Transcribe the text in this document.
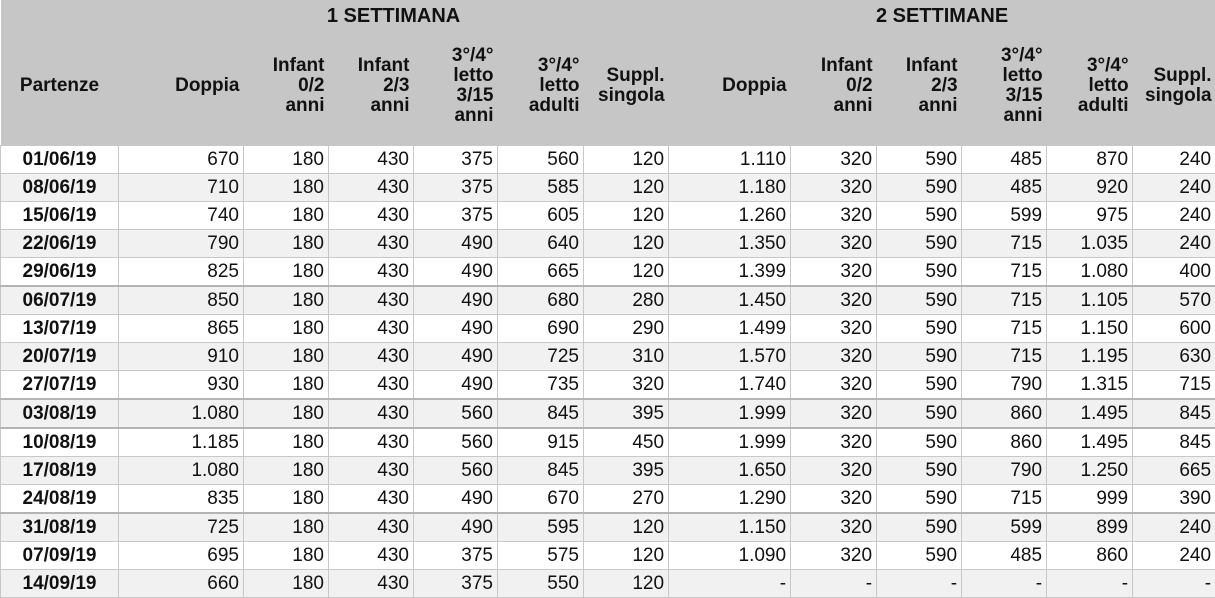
	1 SETTIMANA						2 SETTIMANE					
Partenze	Doppia	Infant
0/2
anni	Infant
2/3
anni	3°/4°
letto
3/15
anni	3°/4°
letto
adulti	Suppl.
singola	Doppia	Infant
0/2
anni	Infant
2/3
anni	3°/4°
letto
3/15
anni	3°/4°
letto
adulti	Suppl.
singola
01/06/19	670	180	430	375	560	120	1.110	320	590	485	870	240
08/06/19	710	180	430	375	585	120	1.180	320	590	485	920	240
15/06/19	740	180	430	375	605	120	1.260	320	590	599	975	240
22/06/19	790	180	430	490	640	120	1.350	320	590	715	1.035	240
29/06/19	825	180	430	490	665	120	1.399	320	590	715	1.080	400
06/07/19	850	180	430	490	680	280	1.450	320	590	715	1.105	570
13/07/19	865	180	430	490	690	290	1.499	320	590	715	1.150	600
20/07/19	910	180	430	490	725	310	1.570	320	590	715	1.195	630
27/07/19	930	180	430	490	735	320	1.740	320	590	790	1.315	715
03/08/19	1.080	180	430	560	845	395	1.999	320	590	860	1.495	845
10/08/19	1.185	180	430	560	915	450	1.999	320	590	860	1.495	845
17/08/19	1.080	180	430	560	845	395	1.650	320	590	790	1.250	665
24/08/19	835	180	430	490	670	270	1.290	320	590	715	999	390
31/08/19	725	180	430	490	595	120	1.150	320	590	599	899	240
07/09/19	695	180	430	375	575	120	1.090	320	590	485	860	240
14/09/19	660	180	430	375	550	120	-	-	-	-	-	-
